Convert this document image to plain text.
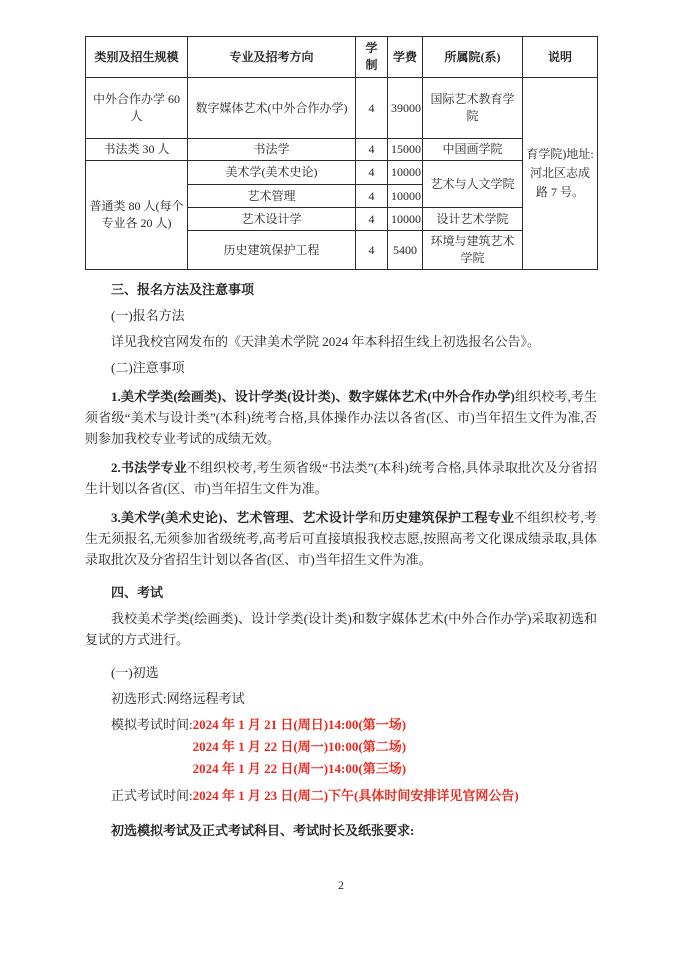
类别及招生规模	专业及招考方向	学制	学费	所属院(系)	说明
中外合作办学 60 人	数字媒体艺术(中外合作办学)	4	39000	国际艺术教育学院	育学院)地址:河北区志成路 7 号。
书法类 30 人	书法学	4	15000	中国画学院	
普通类 80 人(每个专业各 20 人)	美术学(美术史论)	4	10000	艺术与人文学院	
	艺术管理	4	10000		
	艺术设计学	4	10000	设计艺术学院	
	历史建筑保护工程	4	5400	环境与建筑艺术学院	

三、报名方法及注意事项

(一)报名方法

详见我校官网发布的《天津美术学院 2024 年本科招生线上初选报名公告》。

(二)注意事项

1.美术学类(绘画类)、设计学类(设计类)、数字媒体艺术(中外合作办学)组织校考,考生须省级“美术与设计类”(本科)统考合格,具体操作办法以各省(区、市)当年招生文件为准,否则参加我校专业考试的成绩无效。

2.书法学专业不组织校考,考生须省级“书法类”(本科)统考合格,具体录取批次及分省招生计划以各省(区、市)当年招生文件为准。

3.美术学(美术史论)、艺术管理、艺术设计学和历史建筑保护工程专业不组织校考,考生无须报名,无须参加省级统考,高考后可直接填报我校志愿,按照高考文化课成绩录取,具体录取批次及分省招生计划以各省(区、市)当年招生文件为准。

四、考试

我校美术学类(绘画类)、设计学类(设计类)和数字媒体艺术(中外合作办学)采取初选和复试的方式进行。

(一)初选

初选形式:网络远程考试

模拟考试时间: 2024 年 1 月 21 日(周日)14:00(第一场)
2024 年 1 月 22 日(周一)10:00(第二场)
2024 年 1 月 22 日(周一)14:00(第三场)
正式考试时间: 2024 年 1 月 23 日(周二)下午(具体时间安排详见官网公告)

初选模拟考试及正式考试科目、考试时长及纸张要求:

2
